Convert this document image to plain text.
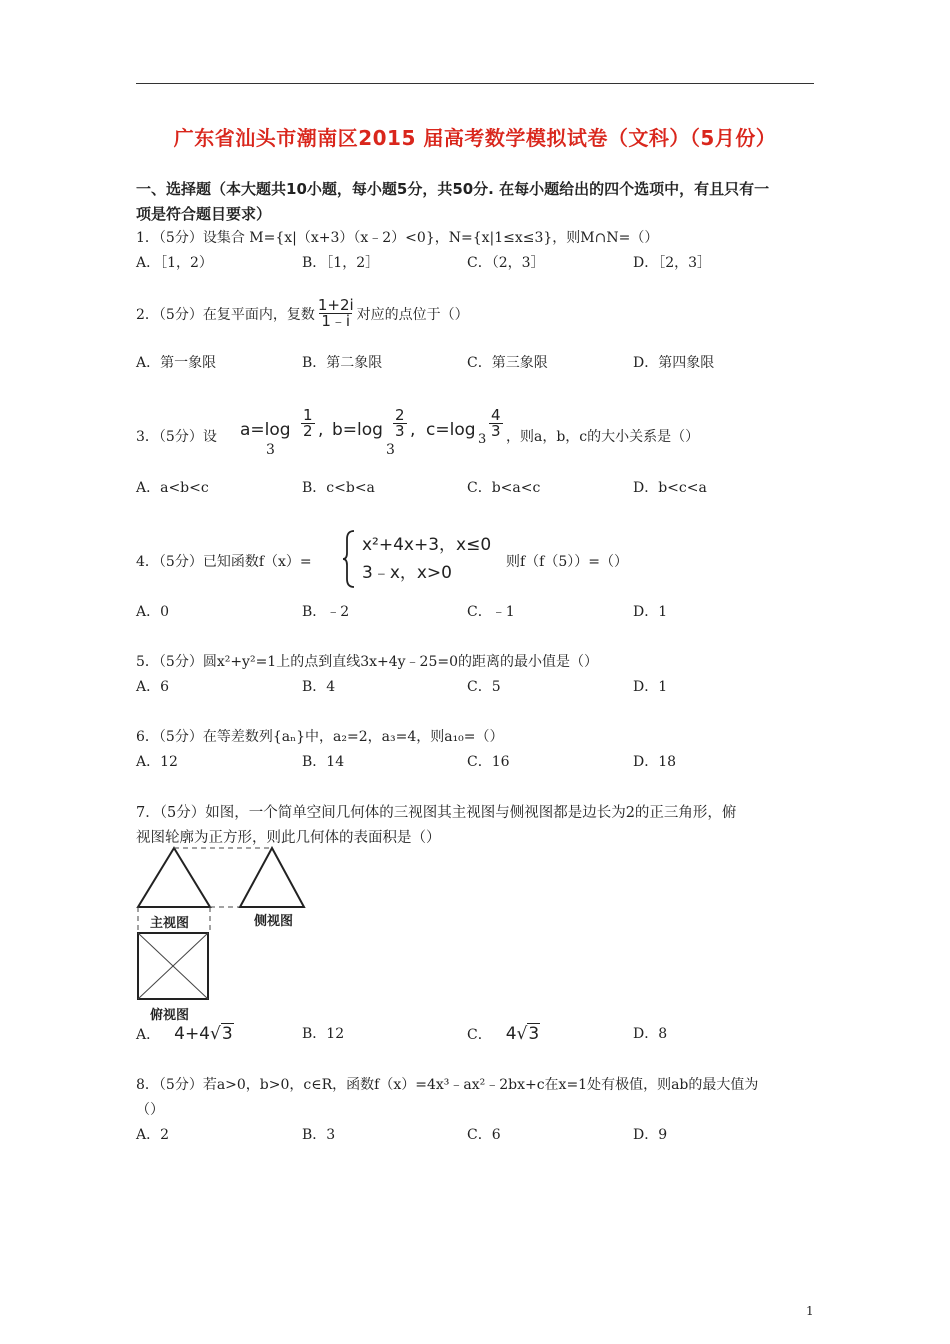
广东省汕头市潮南区2015 届高考数学模拟试卷（文科）（5月份）
一、选择题（本大题共10小题，每小题5分，共50分. 在每小题给出的四个选项中，有且只有一
项是符合题目要求）
1．（5分）设集合 M={x|（x+3）（x﹣2）<0}，N={x|1≤x≤3}，则M∩N=（）
A．［1，2）	B．［1，2］	C．（2，3］	D．［2，3］
2．（5分）在复平面内，复数 $\frac{1+2i}{1﹣i}$ 对应的点位于（）
A．第一象限	B．第二象限	C．第三象限	D．第四象限
3．（5分）设 $a=\log \frac{1}{2}$
3
, $b=\log \frac{2}{3}$
3
, $c=\log \frac{4}{3}$
3 ，则a，b，c的大小关系是（）
A．a<b<c	B．c<b<a	C．b<a<c	D．b<c<a
4．（5分）已知函数f（x）=
x²+4x+3，x≤0
3﹣x，x>0
则f（f（5））=（）
A．0	B．﹣2	C．﹣1	D．1
5．（5分）圆x²+y²=1上的点到直线3x+4y﹣25=0的距离的最小值是（）
A．6	B．4	C．5	D．1
6．（5分）在等差数列{aₙ}中，a₂=2，a₃=4，则a₁₀=（）
A．12	B．14	C．16	D．18
7．（5分）如图，一个简单空间几何体的三视图其主视图与侧视图都是边长为2的正三角形，俯
视图轮廓为正方形，则此几何体的表面积是（）
主视图	侧视图
俯视图
A． 4+4 √ 3	B．12	C． 4 √ 3	D．8
8．（5分）若a>0，b>0，c∈R，函数f（x）=4x³﹣ax²﹣2bx+c在x=1处有极值，则ab的最大值为
（）
A．2	B．3	C．6	D．9
1
